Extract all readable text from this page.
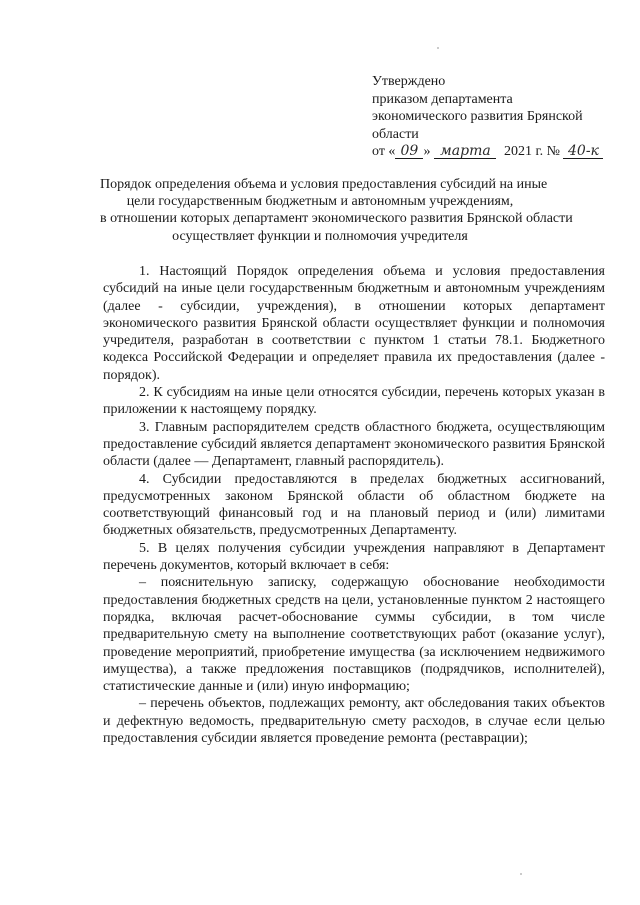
Утверждено
приказом департамента
экономического развития Брянской
области
от « 09 » марта 2021 г. № 40-к
Порядок определения объема и условия предоставления субсидий на иные
цели государственным бюджетным и автономным учреждениям,
в отношении которых департамент экономического развития Брянской области
осуществляет функции и полномочия учредителя

1. Настоящий Порядок определения объема и условия предоставления субсидий на иные цели государственным бюджетным и автономным учреждениям (далее - субсидии, учреждения), в отношении которых департамент экономического развития Брянской области осуществляет функции и полномочия учредителя, разработан в соответствии с пунктом 1 статьи 78.1. Бюджетного кодекса Российской Федерации и определяет правила их предоставления (далее - порядок).

2. К субсидиям на иные цели относятся субсидии, перечень которых указан в приложении к настоящему порядку.

3. Главным распорядителем средств областного бюджета, осуществляющим предоставление субсидий является департамент экономического развития Брянской области (далее — Департамент, главный распорядитель).

4. Субсидии предоставляются в пределах бюджетных ассигнований, предусмотренных законом Брянской области об областном бюджете на соответствующий финансовый год и на плановый период и (или) лимитами бюджетных обязательств, предусмотренных Департаменту.

5. В целях получения субсидии учреждения направляют в Департамент перечень документов, который включает в себя:

– пояснительную записку, содержащую обоснование необходимости предоставления бюджетных средств на цели, установленные пунктом 2 настоящего порядка, включая расчет-обоснование суммы субсидии, в том числе предварительную смету на выполнение соответствующих работ (оказание услуг), проведение мероприятий, приобретение имущества (за исключением недвижимого имущества), а также предложения поставщиков (подрядчиков, исполнителей), статистические данные и (или) иную информацию;

– перечень объектов, подлежащих ремонту, акт обследования таких объектов и дефектную ведомость, предварительную смету расходов, в случае если целью предоставления субсидии является проведение ремонта (реставрации);
